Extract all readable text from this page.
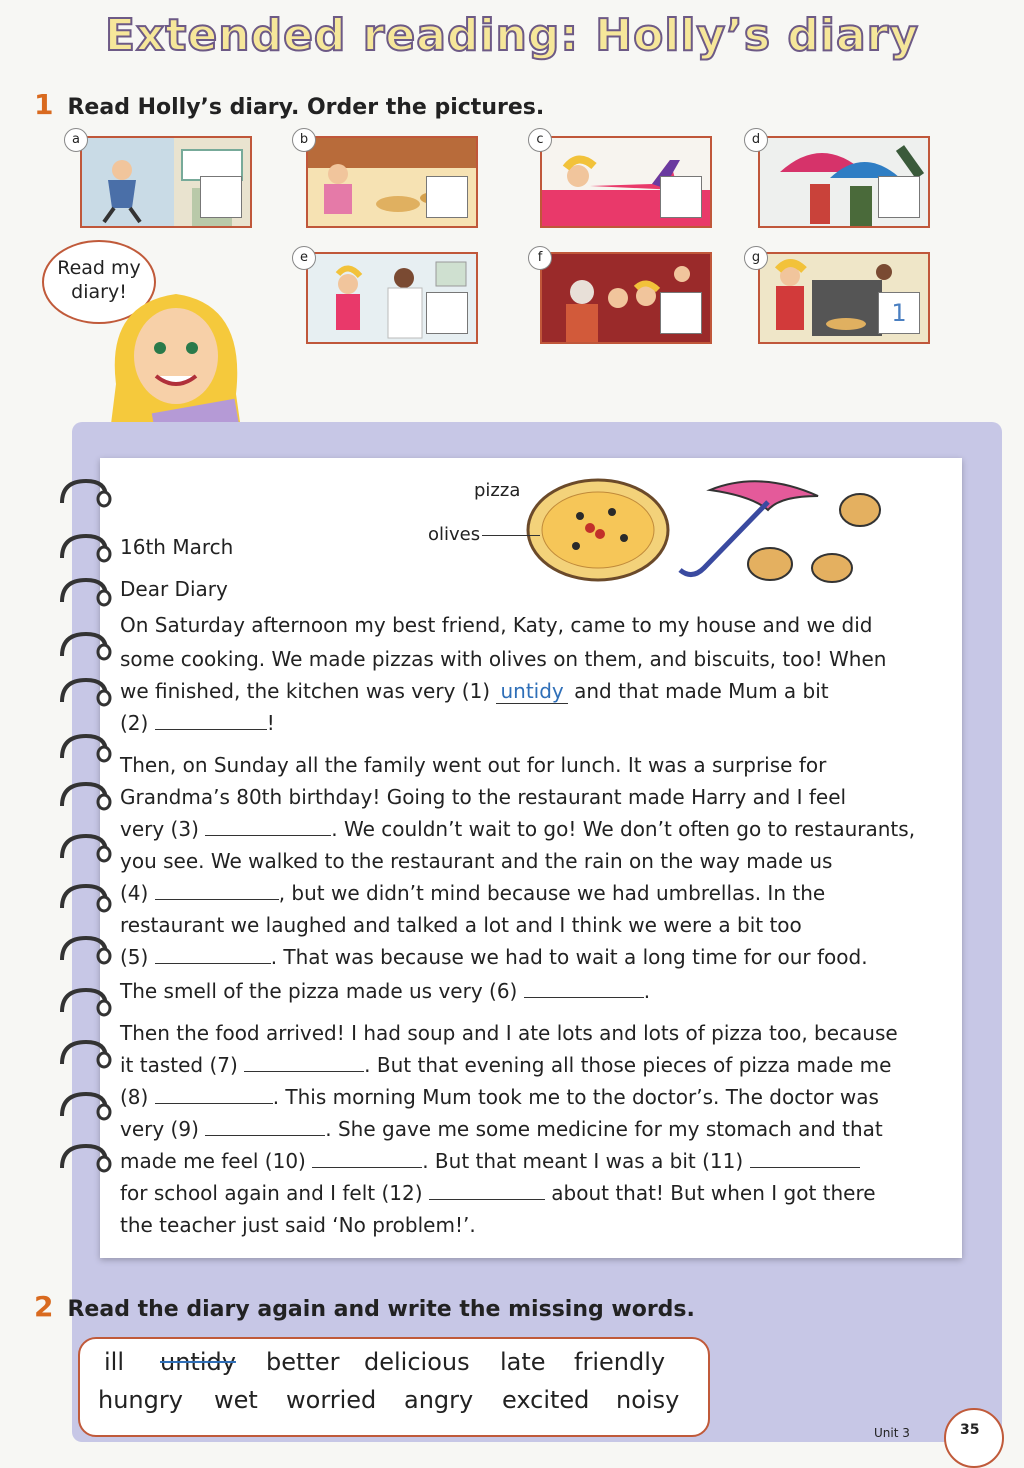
Extended reading: Holly’s diary
1 Read Holly’s diary. Order the pictures.
a	b	c	d
Read my
diary!
e	f	g
1
pizza
olives
16th March
Dear Diary
On Saturday afternoon my best friend, Katy, came to my house and we did
some cooking. We made pizzas with olives on them, and biscuits, too! When
we finished, the kitchen was very (1) untidy and that made Mum a bit
(2)	!
Then, on Sunday all the family went out for lunch. It was a surprise for
Grandma’s 80th birthday! Going to the restaurant made Harry and I feel
very (3)	. We couldn’t wait to go! We don’t often go to restaurants,
you see. We walked to the restaurant and the rain on the way made us
(4)	, but we didn’t mind because we had umbrellas. In the
restaurant we laughed and talked a lot and I think we were a bit too
(5)	. That was because we had to wait a long time for our food.
The smell of the pizza made us very (6)	.
Then the food arrived! I had soup and I ate lots and lots of pizza too, because
it tasted (7)	. But that evening all those pieces of pizza made me
(8)	. This morning Mum took me to the doctor’s. The doctor was
very (9)	. She gave me some medicine for my stomach and that
made me feel (10)	. But that meant I was a bit (11)
for school again and I felt (12)	about that! But when I got there
the teacher just said ‘No problem!’.
2 Read the diary again and write the missing words.
ill untidy better delicious late friendly
hungry wet worried angry excited noisy
Unit 3	35
